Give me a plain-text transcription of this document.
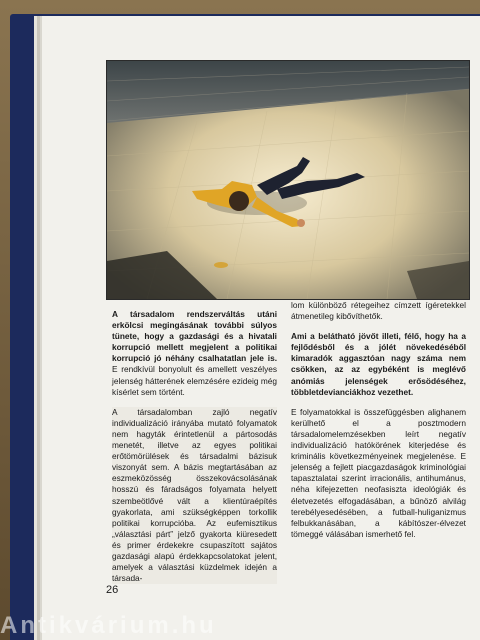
A társadalom rendszerváltás utáni erkölcsi megingásának további súlyos tünete, hogy a gazdasági és a hivatali korrupció mellett megjelent a politikai korrupció jó néhány csalhatatlan jele is. E rendkívül bonyolult és amellett veszélyes jelenség hátterének elemzésére ezideig még kísérlet sem történt.

A társadalomban zajló negatív individualizáció irányába mutató folyamatok nem hagyták érintetlenül a pártosodás menetét, illetve az egyes politikai erőtömörülések és társadalmi bázisuk viszonyát sem. A bázis megtartásában az eszmeközösség összekovácsolásának hosszú és fáradságos folyamata helyett szembeötlővé vált a klientúraépítés gyakorlata, ami szükségképpen torkollik politikai korrupcióba. Az eufemisztikus „választási párt” jelző gyakorta kiüresedett és primer érdekekre csupaszított sajátos gazdasági alapú érdekkapcsolatokat jelent, amelyek a választási küzdelmek idején a társada-

lom különböző rétegeihez címzett ígéretekkel átmenetileg kibővíthetők.

Ami a belátható jövőt illeti, félő, hogy ha a fejlődésből és a jólét növekedéséből kimaradók aggasztóan nagy száma nem csökken, az az egybéként is meglévő anómiás jelenségek erősödéséhez, többletdevianciákhoz vezethet.

E folyamatokkal is összefüggésben alighanem kerülhető el a posztmodern társadalomelemzésekben leírt negatív individualizáció hatókörének kiterjedése és kriminális következményeinek megjelenése. E jelenség a fejlett piacgazdaságok kriminológiai tapasztalatai szerint irracionális, antihumánus, néha kifejezetten neofasiszta ideológiák és életvezetés elfogadásában, a bűnöző alvilág terebélyesedésében, a futball-huliganizmus felbukkanásában, a kábítószer-élvezet tömeggé válásában ismerhető fel.

26
Antikvárium.hu
